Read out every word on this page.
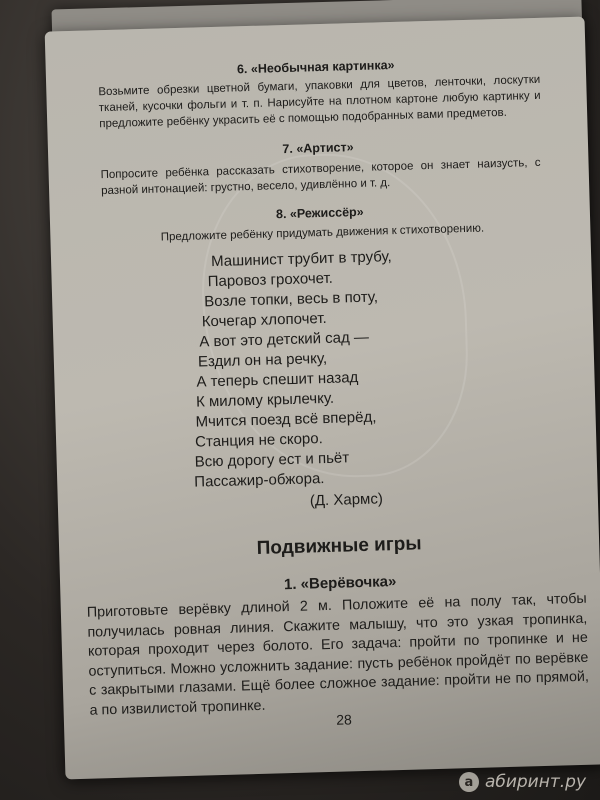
6. «Необычная картинка»
Возьмите обрезки цветной бумаги, упаковки для цветов, ленточки, лоскутки тканей, кусочки фольги и т. п. Нарисуйте на плотном картоне любую картинку и предложите ребёнку украсить её с помощью подобранных вами предметов.
7. «Артист»
Попросите ребёнка рассказать стихотворение, которое он знает наизусть, с разной интонацией: грустно, весело, удивлённо и т. д.
8. «Режиссёр»
Предложите ребёнку придумать движения к стихотворению.
Машинист трубит в трубу,
Паровоз грохочет.
Возле топки, весь в поту,
Кочегар хлопочет.
А вот это детский сад —
Ездил он на речку,
А теперь спешит назад
К милому крылечку.
Мчится поезд всё вперёд,
Станция не скоро.
Всю дорогу ест и пьёт
Пассажир-обжора.
(Д. Хармс)
Подвижные игры
1. «Верёвочка»
Приготовьте верёвку длиной 2 м. Положите её на полу так, чтобы получилась ровная линия. Скажите малышу, что это узкая тропинка, которая проходит через болото. Его задача: пройти по тропинке и не оступиться. Можно усложнить задание: пусть ребёнок пройдёт по верёвке с закрытыми глазами. Ещё более сложное задание: пройти не по прямой, а по извилистой тропинке.
28
а абиринт.ру
